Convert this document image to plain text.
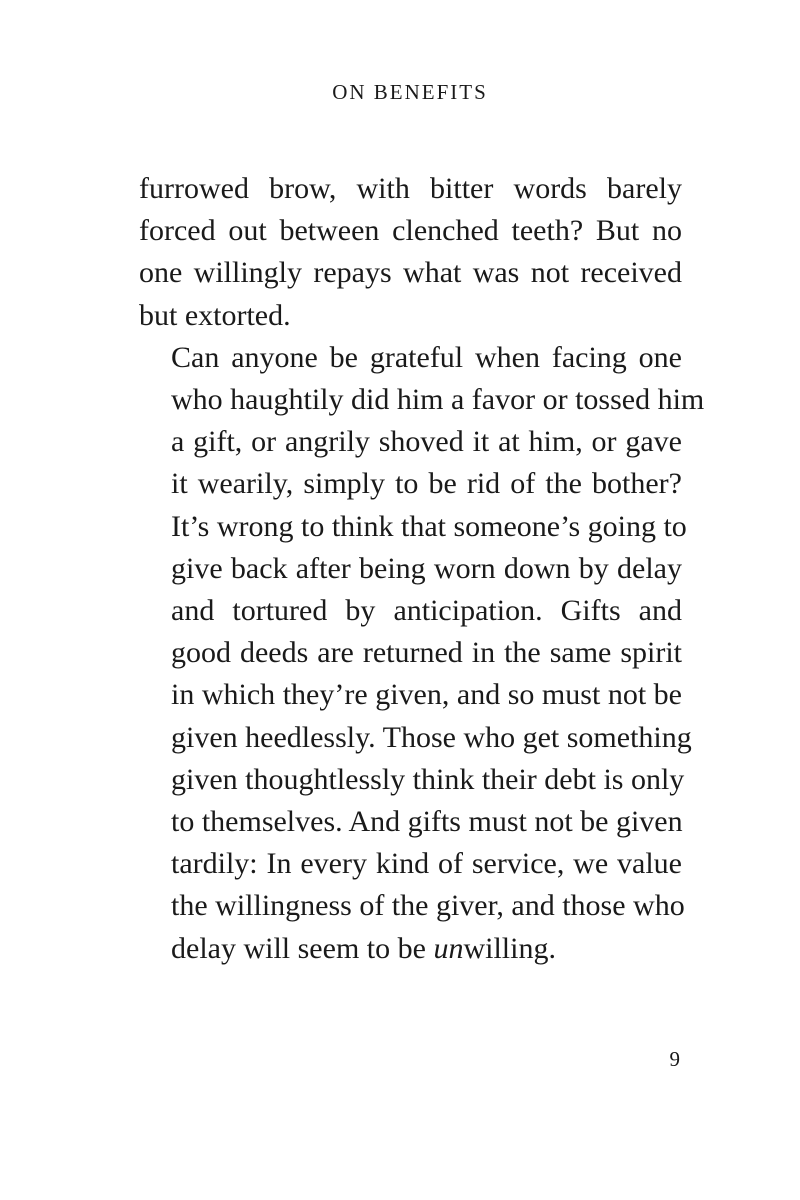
ON BENEFITS

furrowed brow, with bitter words barely
forced out between clenched teeth? But no
one willingly repays what was not received
but extorted.

Can anyone be grateful when facing one
who haughtily did him a favor or tossed him
a gift, or angrily shoved it at him, or gave
it wearily, simply to be rid of the bother?
It’s wrong to think that someone’s going to
give back after being worn down by delay
and tortured by anticipation. Gifts and
good deeds are returned in the same spirit
in which they’re given, and so must not be
given heedlessly. Those who get something
given thoughtlessly think their debt is only
to themselves. And gifts must not be given
tardily: In every kind of service, we value
the willingness of the giver, and those who
delay will seem to be unwilling.

9
